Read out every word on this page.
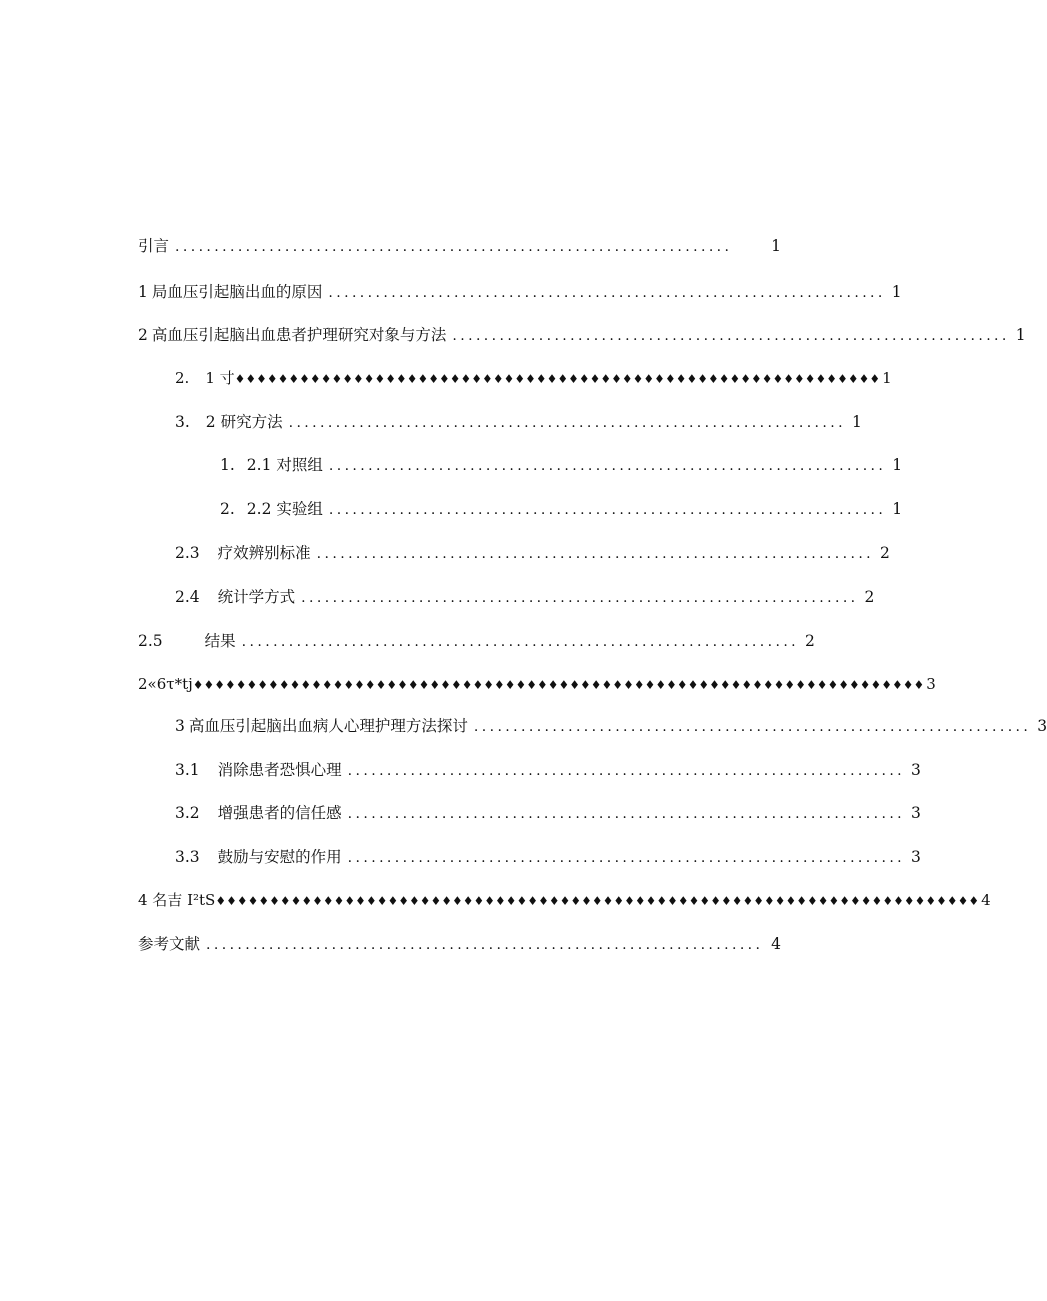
引言 .......................................................................	1
1 局血压引起脑出血的原因 ....................................................................... 1
2 高血压引起脑出血患者护理研究对象与方法 ....................................................................... 1
2. 1 寸 ♦♦♦♦♦♦♦♦♦♦♦♦♦♦♦♦♦♦♦♦♦♦♦♦♦♦♦♦♦♦♦♦♦♦♦♦♦♦♦♦♦♦♦♦♦♦♦♦♦♦♦♦♦♦♦♦♦♦♦♦ 1
3. 2 研究方法 ....................................................................... 1
1. 2.1 对照组 ....................................................................... 1
2. 2.2 实验组 ....................................................................... 1
2.3 疗效辨别标准 ....................................................................... 2
2.4 统计学方式 ....................................................................... 2
2.5	结果 ....................................................................... 2
2«6τ*tj ♦♦♦♦♦♦♦♦♦♦♦♦♦♦♦♦♦♦♦♦♦♦♦♦♦♦♦♦♦♦♦♦♦♦♦♦♦♦♦♦♦♦♦♦♦♦♦♦♦♦♦♦♦♦♦♦♦♦♦♦♦♦♦♦♦♦♦♦ 3
3 高血压引起脑出血病人心理护理方法探讨 ....................................................................... 3
3.1 消除患者恐惧心理 ....................................................................... 3
3.2 增强患者的信任感 ....................................................................... 3
3.3 鼓励与安慰的作用 ....................................................................... 3
4 名吉 I²tS ♦♦♦♦♦♦♦♦♦♦♦♦♦♦♦♦♦♦♦♦♦♦♦♦♦♦♦♦♦♦♦♦♦♦♦♦♦♦♦♦♦♦♦♦♦♦♦♦♦♦♦♦♦♦♦♦♦♦♦♦♦♦♦♦♦♦♦♦♦♦♦ 4
参考文献 ....................................................................... 4
